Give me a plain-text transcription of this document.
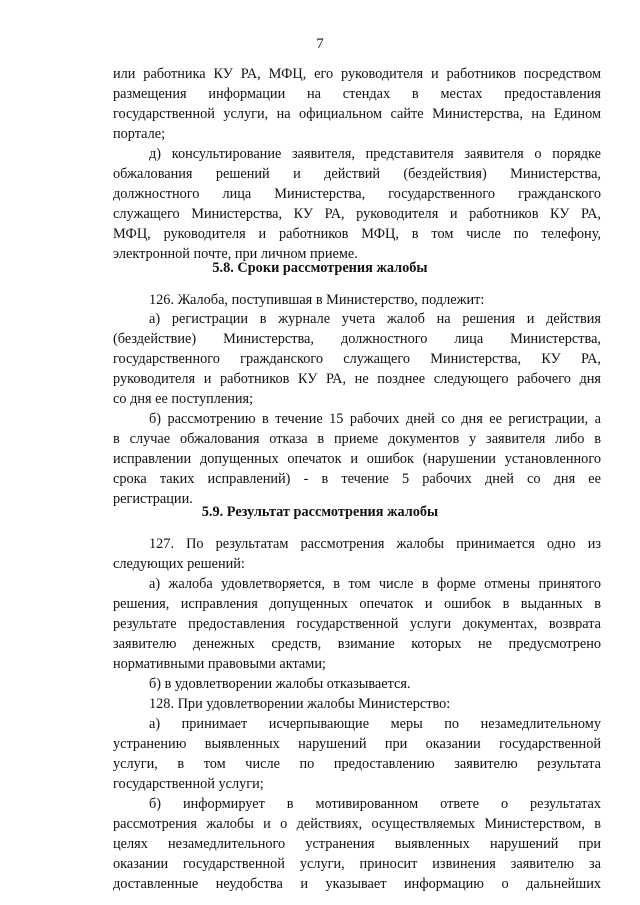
7
или работника КУ РА, МФЦ, его руководителя и работников посредством
размещения информации на стендах в местах предоставления
государственной услуги, на официальном сайте Министерства, на Едином
портале;
д) консультирование заявителя, представителя заявителя о порядке
обжалования решений и действий (бездействия) Министерства,
должностного лица Министерства, государственного гражданского
служащего Министерства, КУ РА, руководителя и работников КУ РА,
МФЦ, руководителя и работников МФЦ, в том числе по телефону,
электронной почте, при личном приеме.
126. Жалоба, поступившая в Министерство, подлежит:
а) регистрации в журнале учета жалоб на решения и действия
(бездействие) Министерства, должностного лица Министерства,
государственного гражданского служащего Министерства, КУ РА,
руководителя и работников КУ РА, не позднее следующего рабочего дня
со дня ее поступления;
б) рассмотрению в течение 15 рабочих дней со дня ее регистрации, а
в случае обжалования отказа в приеме документов у заявителя либо в
исправлении допущенных опечаток и ошибок (нарушении установленного
срока таких исправлений) - в течение 5 рабочих дней со дня ее
регистрации.
127. По результатам рассмотрения жалобы принимается одно из
следующих решений:
а) жалоба удовлетворяется, в том числе в форме отмены принятого
решения, исправления допущенных опечаток и ошибок в выданных в
результате предоставления государственной услуги документах, возврата
заявителю денежных средств, взимание которых не предусмотрено
нормативными правовыми актами;
б) в удовлетворении жалобы отказывается.
128. При удовлетворении жалобы Министерство:
а) принимает исчерпывающие меры по незамедлительному
устранению выявленных нарушений при оказании государственной
услуги, в том числе по предоставлению заявителю результата
государственной услуги;
б) информирует в мотивированном ответе о результатах
рассмотрения жалобы и о действиях, осуществляемых Министерством, в
целях незамедлительного устранения выявленных нарушений при
оказании государственной услуги, приносит извинения заявителю за
доставленные неудобства и указывает информацию о дальнейших
5.8. Сроки рассмотрения жалобы
5.9. Результат рассмотрения жалобы
